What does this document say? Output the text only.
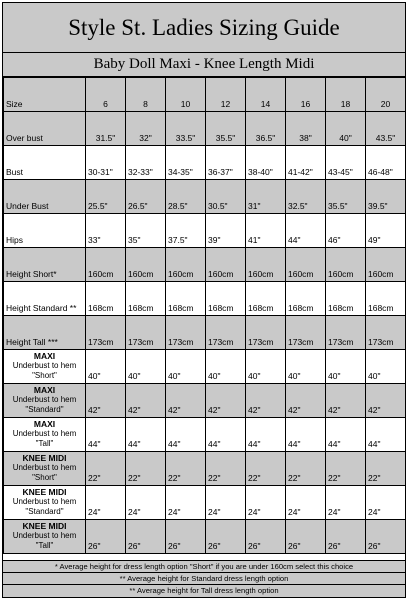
Style St. Ladies Sizing Guide
Baby Doll Maxi - Knee Length Midi
Size	6	8	10	12	14	16	18	20
Over bust	31.5"	32"	33.5"	35.5"	36.5"	38"	40"	43.5"
Bust	30-31"	32-33"	34-35"	36-37"	38-40"	41-42"	43-45"	46-48"
Under Bust	25.5"	26.5"	28.5"	30.5"	31"	32.5"	35.5"	39.5"
Hips	33"	35"	37.5"	39"	41"	44"	46"	49"
Height Short*	160cm	160cm	160cm	160cm	160cm	160cm	160cm	160cm
Height Standard **	168cm	168cm	168cm	168cm	168cm	168cm	168cm	168cm
Height Tall ***	173cm	173cm	173cm	173cm	173cm	173cm	173cm	173cm

MAXI
Underbust to hem
"Short"	40"	40"	40"	40"	40"	40"	40"	40"

MAXI
Underbust to hem
"Standard"	42"	42"	42"	42"	42"	42"	42"	42"

MAXI
Underbust to hem
"Tall"	44"	44"	44"	44"	44"	44"	44"	44"

KNEE MIDI
Underbust to hem
"Short"	22"	22"	22"	22"	22"	22"	22"	22"

KNEE MIDI
Underbust to hem
"Standard"	24"	24"	24"	24"	24"	24"	24"	24"

KNEE MIDI
Underbust to hem
"Tall"	26"	26"	26"	26"	26"	26"	26"	26"
* Average height for dress length option "Short" if you are under 160cm select this choice
** Average height for Standard dress length option
** Average height for Tall dress length option
